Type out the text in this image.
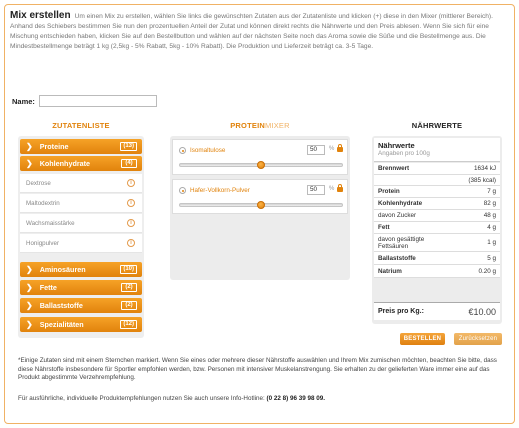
Mix erstellen Um einen Mix zu erstellen, wählen Sie links die gewünschten Zutaten aus der Zutatenliste und klicken (+) diese in den Mixer (mittlerer Bereich). Anhand des Schiebers bestimmen Sie nun den prozentuellen Anteil der Zutat und können direkt rechts die Nährwerte und den Preis ablesen. Wenn Sie sich für eine Mischung entschieden haben, klicken Sie auf den Bestellbutton und wählen auf der nächsten Seite noch das Aroma sowie die Süße und die Bestellmenge aus. Die Mindestbestellmenge beträgt 1 kg (2,5kg - 5% Rabatt, 5kg - 10% Rabatt). Die Produktion und Lieferzeit beträgt ca. 3-5 Tage.
Name:
ZUTATENLISTE	PROTEINMIXER	NÄHRWERTE
❯ Proteine	(13)
❯ Kohlenhydrate	(4)
Dextrose	i
Maltodextrin	i
Wachsmaisstärke	i
Honigpulver	i
❯ Aminosäuren	(10)
❯ Fette	(2)
❯ Ballaststoffe	(2)
❯ Spezialitäten	(12)
Isomaltulose	50	%
Hafer-Vollkorn-Pulver	50	%
Nährwerte
Angaben pro 100g
Brennwert	1634 kJ
(385 kcal)
Protein	7 g
Kohlenhydrate	82 g
davon Zucker	48 g
Fett	4 g
davon gesättigte Fettsäuren	1 g
Ballaststoffe	5 g
Natrium	0.20 g
Preis pro Kg.:	€10.00
BESTELLEN	Zurücksetzen
*Einige Zutaten sind mit einem Sternchen markiert. Wenn Sie eines oder mehrere dieser Nährstoffe auswählen und Ihrem Mix zumischen möchten, beachten Sie bitte, dass diese Nährstoffe insbesondere für Sportler empfohlen werden, bzw. Personen mit intensiver Muskelanstrengung. Sie erhalten zu der gelieferten Ware immer eine auf das Produkt abgestimmte Verzehrempfehlung.
Für ausführliche, individuelle Produktempfehlungen nutzen Sie auch unsere Info-Hotline: (0 22 8) 96 39 98 09.
